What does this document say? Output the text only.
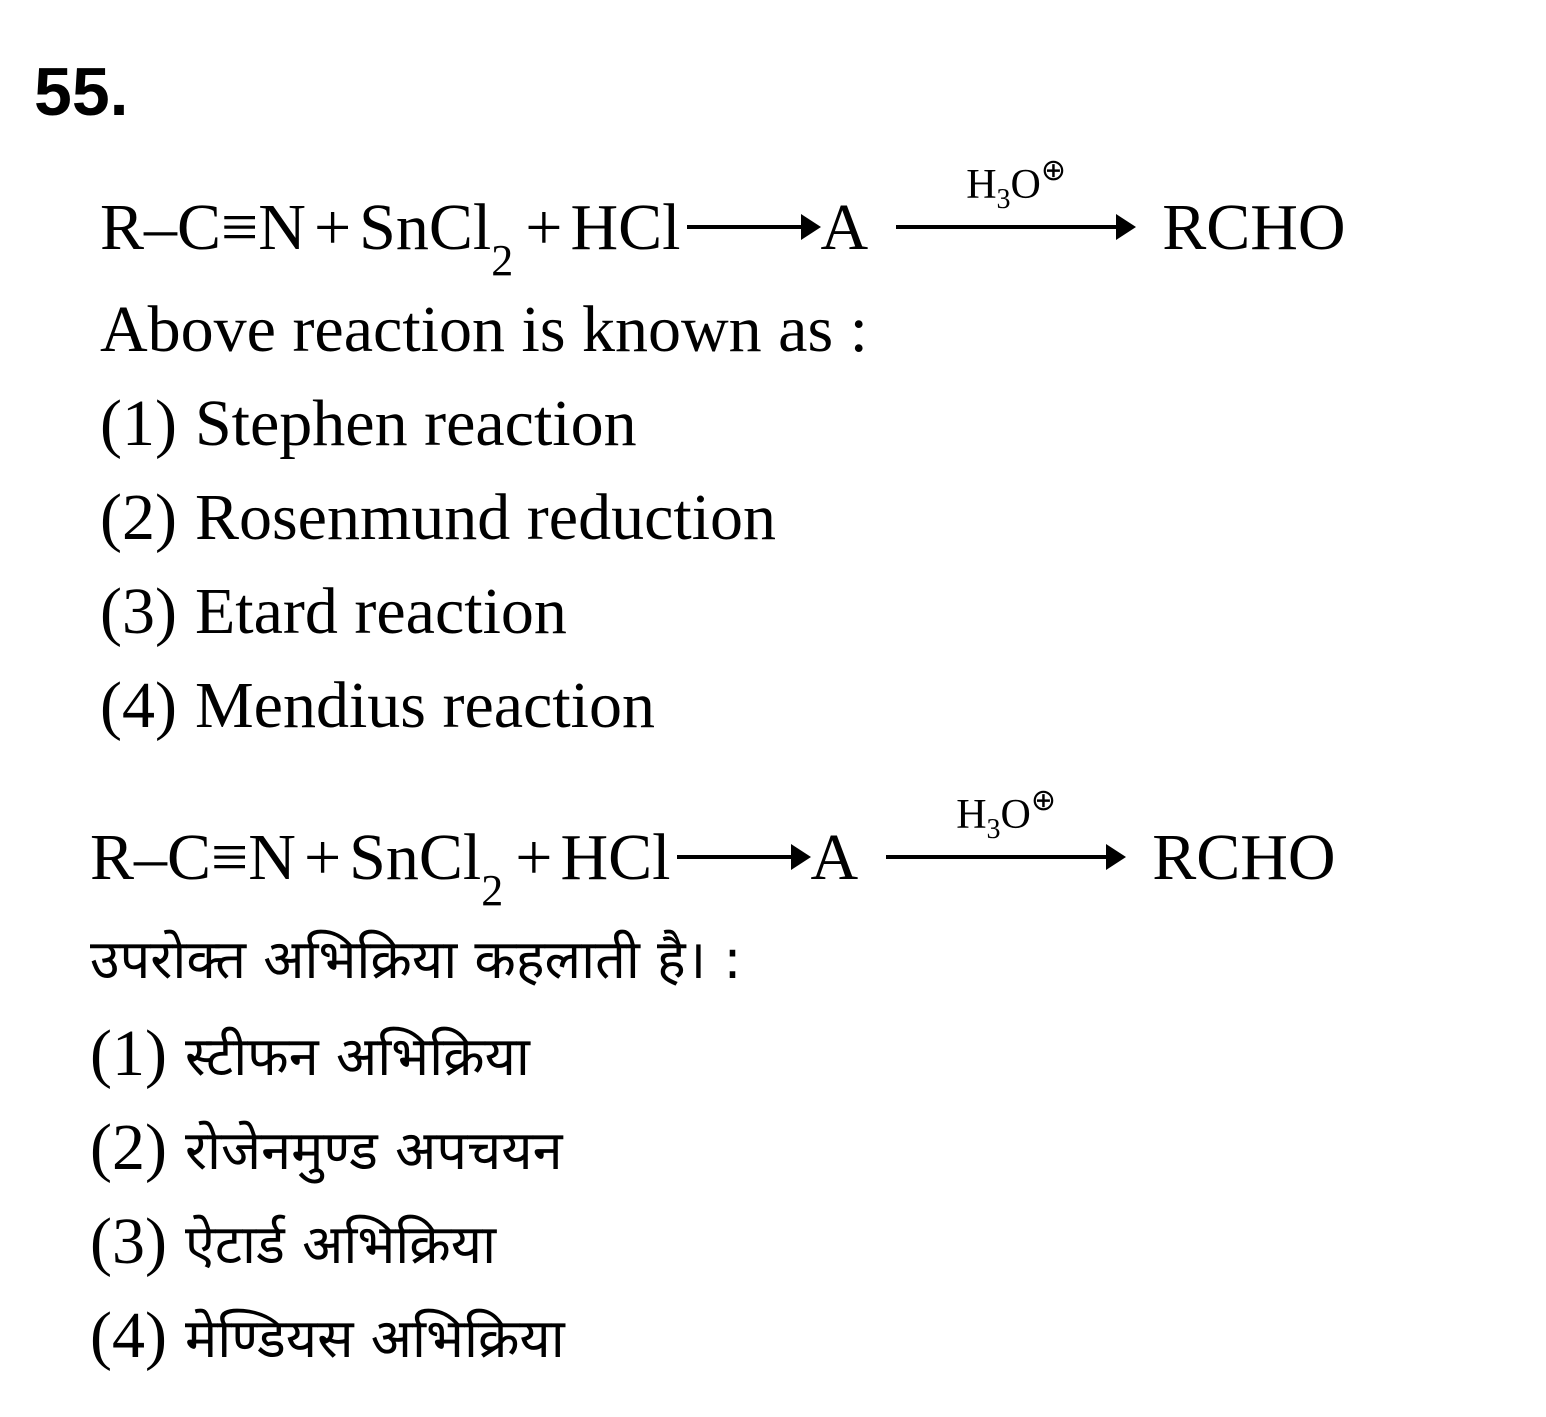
55.
R–C≡N + SnCl 2 + HCl → A
$H_3O^\oplus$
RCHO
Above reaction is known as :
(1) Stephen reaction
(2) Rosenmund reduction
(3) Etard reaction
(4) Mendius reaction
R–C≡N + SnCl 2 + HCl → A
$H_3O^\oplus$
RCHO
उपरोक्त अभिक्रिया कहलाती है। :
(1) स्टीफन अभिक्रिया
(2) रोजेनमुण्ड अपचयन
(3) ऐटार्ड अभिक्रिया
(4) मेण्डियस अभिक्रिया
